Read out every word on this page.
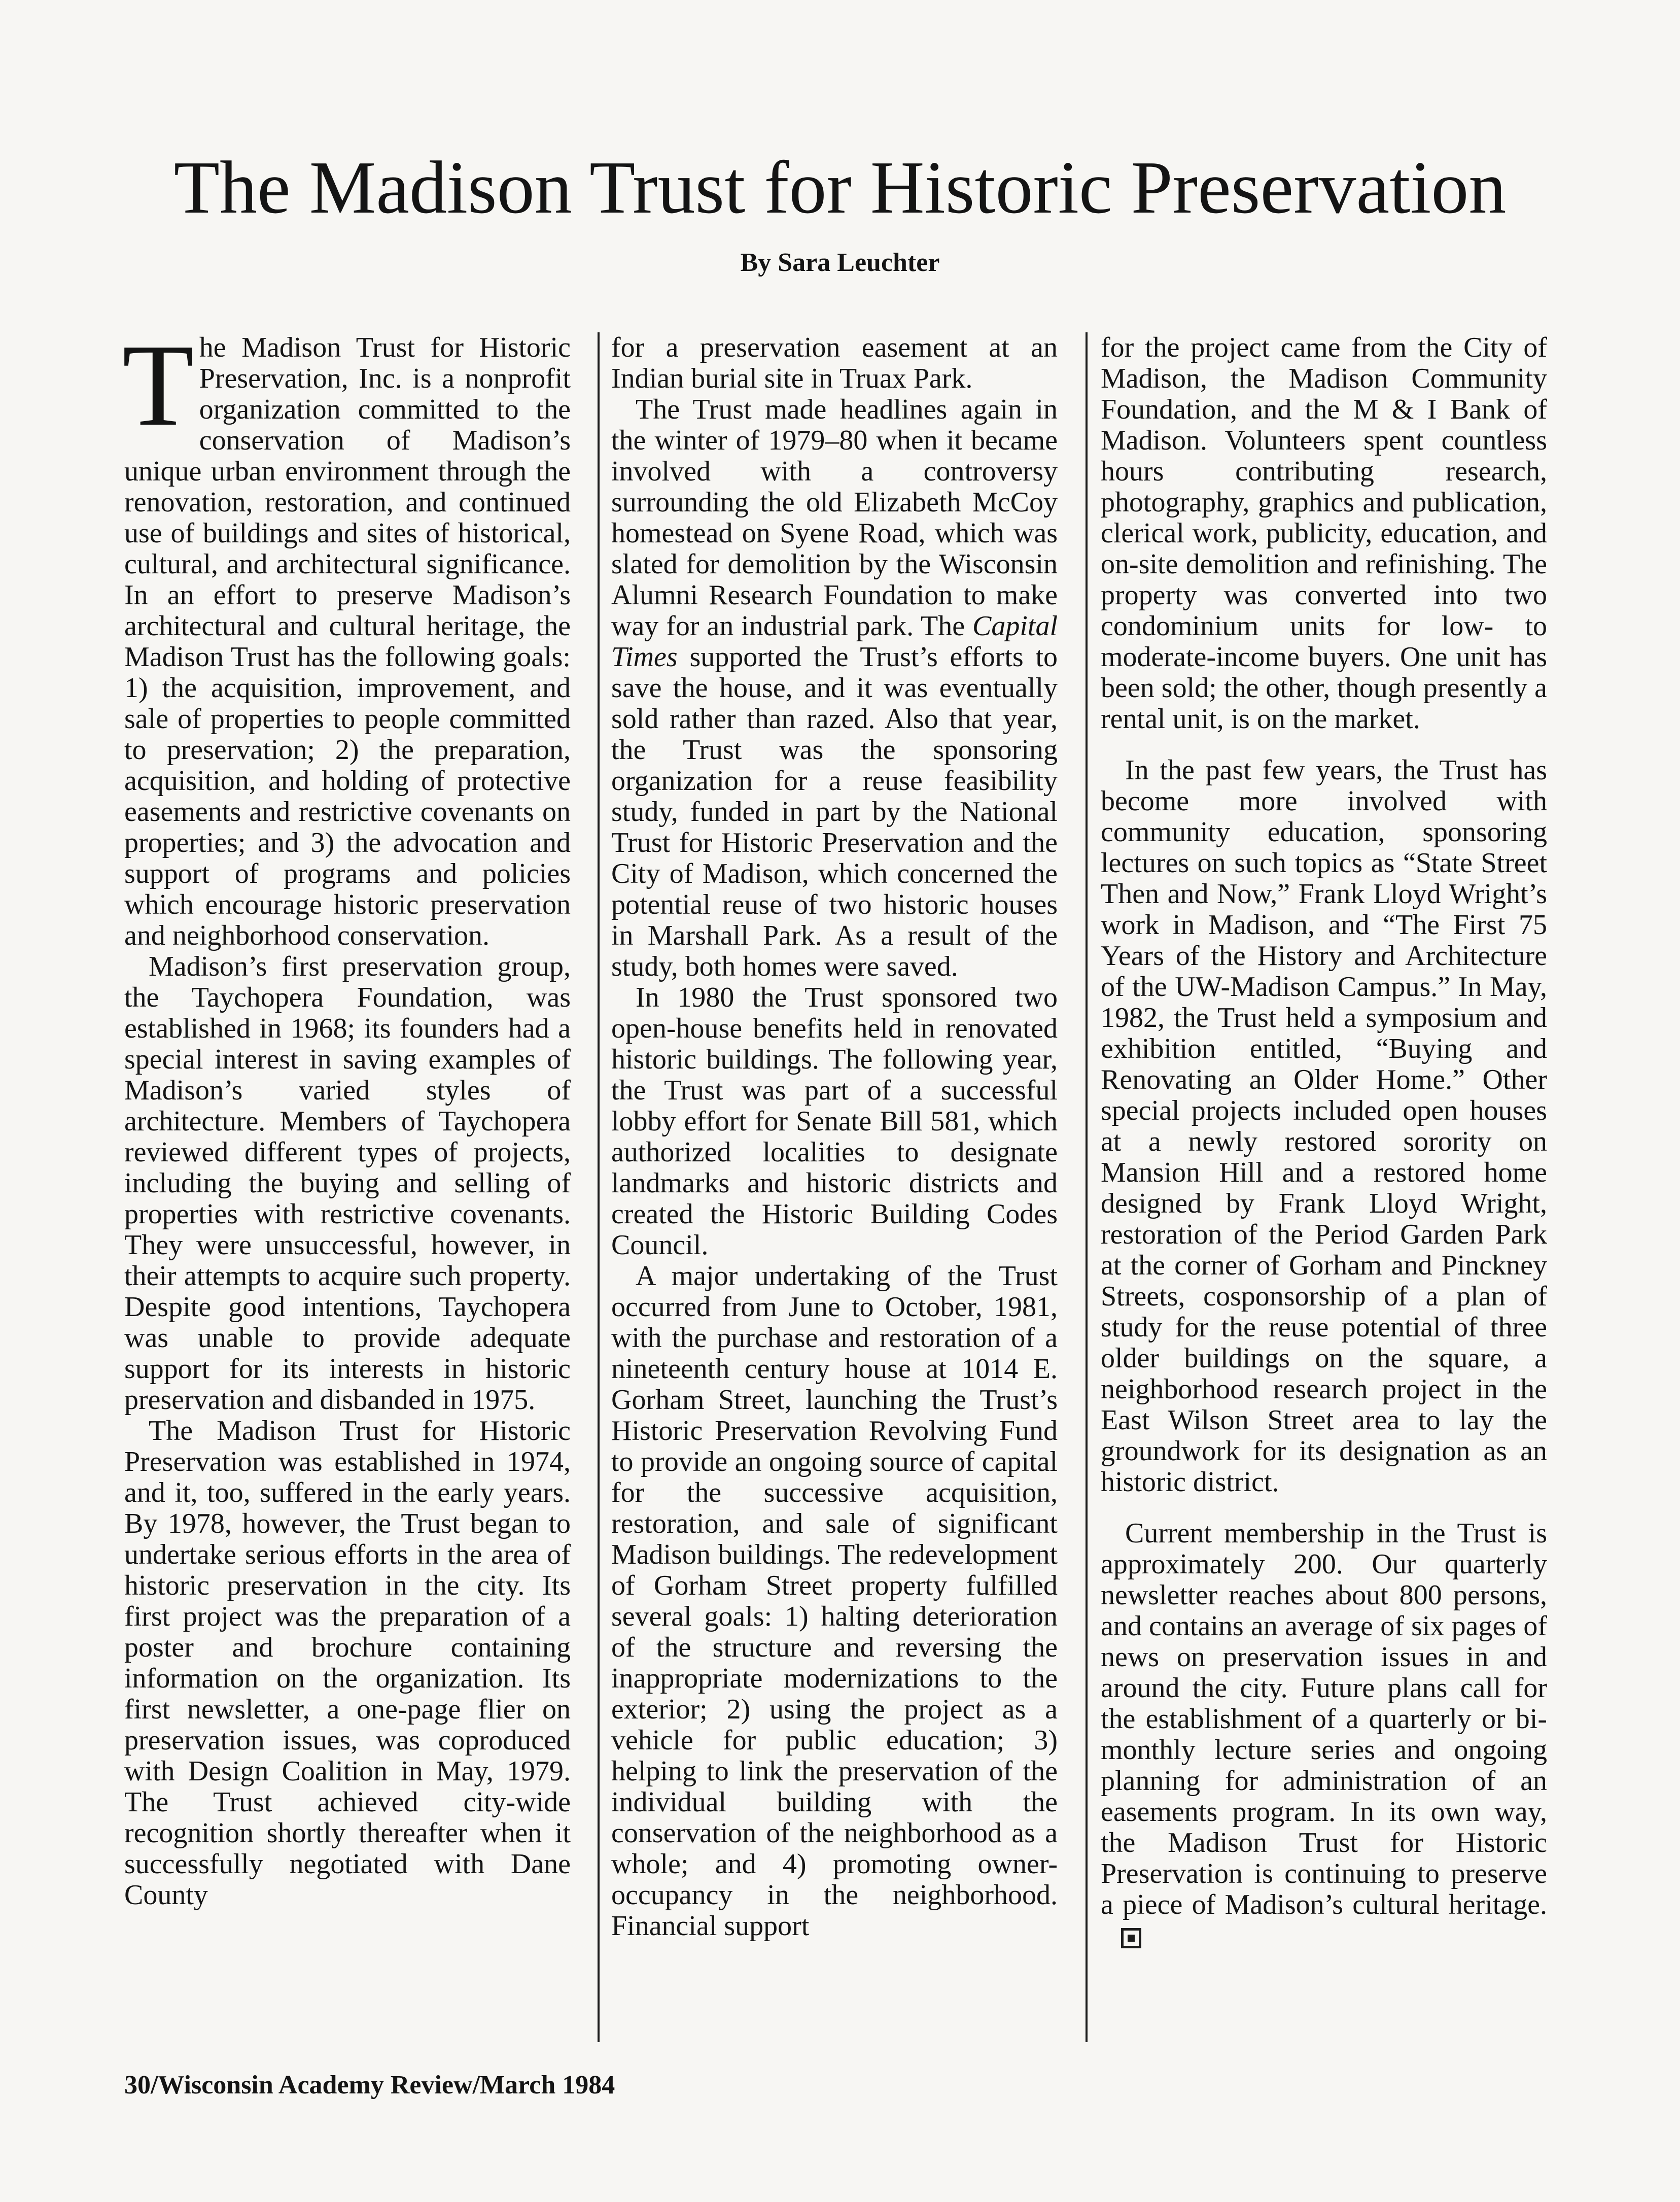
The Madison Trust for Historic Preservation
By Sara Leuchter

The Madison Trust for Historic Preservation, Inc. is a nonprofit organization committed to the conservation of Madison’s unique urban environment through the renovation, restoration, and continued use of buildings and sites of historical, cultural, and architectural significance. In an effort to preserve Madison’s architectural and cultural heritage, the Madison Trust has the following goals: 1) the acquisition, improvement, and sale of properties to people committed to preservation; 2) the preparation, acquisition, and holding of protective easements and restrictive covenants on properties; and 3) the advocation and support of programs and policies which encourage historic preservation and neighborhood conservation.

Madison’s first preservation group, the Taychopera Foundation, was established in 1968; its founders had a special interest in saving examples of Madison’s varied styles of architecture. Members of Taychopera reviewed different types of projects, including the buying and selling of properties with restrictive covenants. They were unsuccessful, however, in their attempts to acquire such property. Despite good intentions, Taychopera was unable to provide adequate support for its interests in historic preservation and disbanded in 1975.

The Madison Trust for Historic Preservation was established in 1974, and it, too, suffered in the early years. By 1978, however, the Trust began to undertake serious efforts in the area of historic preservation in the city. Its first project was the preparation of a poster and brochure containing information on the organization. Its first newsletter, a one-page flier on preservation issues, was coproduced with Design Coalition in May, 1979. The Trust achieved city-wide recognition shortly thereafter when it successfully negotiated with Dane County

for a preservation easement at an Indian burial site in Truax Park.

The Trust made headlines again in the winter of 1979–80 when it became involved with a controversy surrounding the old Elizabeth McCoy homestead on Syene Road, which was slated for demolition by the Wisconsin Alumni Research Foundation to make way for an industrial park. The Capital Times supported the Trust’s efforts to save the house, and it was eventually sold rather than razed. Also that year, the Trust was the sponsoring organization for a reuse feasibility study, funded in part by the National Trust for Historic Preservation and the City of Madison, which concerned the potential reuse of two historic houses in Marshall Park. As a result of the study, both homes were saved.

In 1980 the Trust sponsored two open-house benefits held in renovated historic buildings. The following year, the Trust was part of a successful lobby effort for Senate Bill 581, which authorized localities to designate landmarks and historic districts and created the Historic Building Codes Council.

A major undertaking of the Trust occurred from June to October, 1981, with the purchase and restoration of a nineteenth century house at 1014 E. Gorham Street, launching the Trust’s Historic Preservation Revolving Fund to provide an ongoing source of capital for the successive acquisition, restoration, and sale of significant Madison buildings. The redevelopment of Gorham Street property fulfilled several goals: 1) halting deterioration of the structure and reversing the inappropriate modernizations to the exterior; 2) using the project as a vehicle for public education; 3) helping to link the preservation of the individual building with the conservation of the neighborhood as a whole; and 4) promoting owner-occupancy in the neighborhood. Financial support

for the project came from the City of Madison, the Madison Community Foundation, and the M & I Bank of Madison. Volunteers spent countless hours contributing research, photography, graphics and publication, clerical work, publicity, education, and on-site demolition and refinishing. The property was converted into two condominium units for low- to moderate-income buyers. One unit has been sold; the other, though presently a rental unit, is on the market.

In the past few years, the Trust has become more involved with community education, sponsoring lectures on such topics as “State Street Then and Now,” Frank Lloyd Wright’s work in Madison, and “The First 75 Years of the History and Architecture of the UW-Madison Campus.” In May, 1982, the Trust held a symposium and exhibition entitled, “Buying and Renovating an Older Home.” Other special projects included open houses at a newly restored sorority on Mansion Hill and a restored home designed by Frank Lloyd Wright, restoration of the Period Garden Park at the corner of Gorham and Pinckney Streets, cosponsorship of a plan of study for the reuse potential of three older buildings on the square, a neighborhood research project in the East Wilson Street area to lay the groundwork for its designation as an historic district.

Current membership in the Trust is approximately 200. Our quarterly newsletter reaches about 800 persons, and contains an average of six pages of news on preservation issues in and around the city. Future plans call for the establishment of a quarterly or bi-monthly lecture series and ongoing planning for administration of an easements program. In its own way, the Madison Trust for Historic Preservation is continuing to preserve a piece of Madison’s cultural heritage.

30/Wisconsin Academy Review/March 1984
